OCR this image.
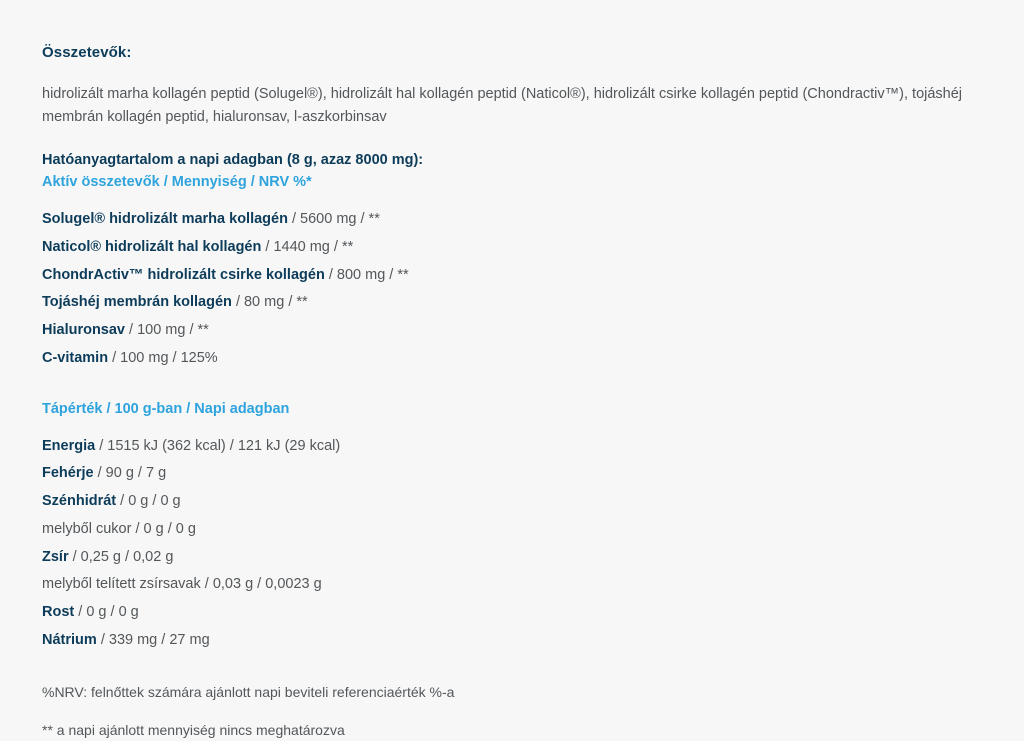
Összetevők:

hidrolizált marha kollagén peptid (Solugel®), hidrolizált hal kollagén peptid (Naticol®), hidrolizált csirke kollagén peptid (Chondractiv™), tojáshéj membrán kollagén peptid, hialuronsav, l-aszkorbinsav

Hatóanyagtartalom a napi adagban (8 g, azaz 8000 mg):
Aktív összetevők / Mennyiség / NRV %*
Solugel® hidrolizált marha kollagén / 5600 mg / **
Naticol® hidrolizált hal kollagén / 1440 mg / **
ChondrActiv™ hidrolizált csirke kollagén / 800 mg / **
Tojáshéj membrán kollagén / 80 mg / **
Hialuronsav / 100 mg / **
C-vitamin / 100 mg / 125%
Tápérték / 100 g-ban / Napi adagban
Energia / 1515 kJ (362 kcal) / 121 kJ (29 kcal)
Fehérje / 90 g / 7 g
Szénhidrát / 0 g / 0 g
melyből cukor / 0 g / 0 g
Zsír / 0,25 g / 0,02 g
melyből telített zsírsavak / 0,03 g / 0,0023 g
Rost / 0 g / 0 g
Nátrium / 339 mg / 27 mg

%NRV: felnőttek számára ajánlott napi beviteli referenciaérték %-a

** a napi ajánlott mennyiség nincs meghatározva
